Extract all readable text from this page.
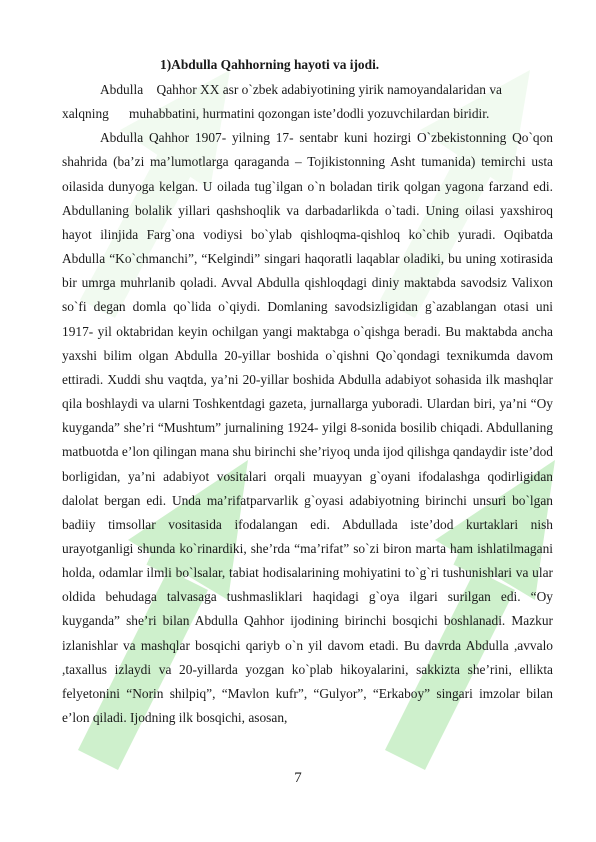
1)Abdulla Qahhorning hayoti va ijodi.

Abdulla    Qahhor XX asr o`zbek adabiyotining yirik namoyandalaridan va

xalqning      muhabbatini, hurmatini qozongan iste’dodli yozuvchilardan biridir.

Abdulla Qahhor 1907- yilning 17- sentabr kuni hozirgi O`zbekistonning Qo`qon shahrida (ba’zi ma’lumotlarga qaraganda – Tojikistonning Asht tumanida) temirchi usta oilasida dunyoga kelgan. U oilada tug`ilgan o`n boladan tirik qolgan yagona farzand edi. Abdullaning bolalik yillari qashshoqlik va darbadarlikda o`tadi. Uning oilasi yaxshiroq hayot ilinjida Farg`ona vodiysi bo`ylab qishloqma-qishloq ko`chib yuradi. Oqibatda Abdulla “Ko`chmanchi”, “Kelgindi” singari haqoratli laqablar oladiki, bu uning xotirasida bir umrga muhrlanib qoladi. Avval Abdulla qishloqdagi diniy maktabda savodsiz Valixon so`fi degan domla qo`lida o`qiydi. Domlaning savodsizligidan g`azablangan otasi uni 1917- yil oktabridan keyin ochilgan yangi maktabga o`qishga beradi. Bu maktabda ancha yaxshi bilim olgan Abdulla 20-yillar boshida o`qishni Qo`qondagi texnikumda davom ettiradi. Xuddi shu vaqtda, ya’ni 20-yillar boshida Abdulla adabiyot sohasida ilk mashqlar qila boshlaydi va ularni Toshkentdagi gazeta, jurnallarga yuboradi. Ulardan biri, ya’ni “Oy kuyganda” she’ri “Mushtum” jurnalining 1924- yilgi 8-sonida bosilib chiqadi. Abdullaning matbuotda e’lon qilingan mana shu birinchi she’riyoq unda ijod qilishga qandaydir iste’dod borligidan, ya’ni adabiyot vositalari orqali muayyan g`oyani ifodalashga qodirligidan dalolat bergan edi. Unda ma’rifatparvarlik g`oyasi adabiyotning birinchi unsuri bo`lgan badiiy timsollar vositasida ifodalangan edi. Abdullada iste’dod kurtaklari nish urayotganligi shunda ko`rinardiki, she’rda “ma’rifat” so`zi biron marta ham ishlatilmagani holda, odamlar ilmli bo`lsalar, tabiat hodisalarining mohiyatini to`g`ri tushunishlari va ular oldida behudaga talvasaga tushmasliklari haqidagi g`oya ilgari surilgan edi. “Oy kuyganda” she’ri bilan Abdulla Qahhor ijodining birinchi bosqichi boshlanadi. Mazkur izlanishlar va mashqlar bosqichi qariyb o`n yil davom etadi. Bu davrda Abdulla ,avvalo ,taxallus izlaydi va 20-yillarda yozgan ko`plab hikoyalarini, sakkizta she’rini, ellikta felyetonini “Norin shilpiq”, “Mavlon kufr”, “Gulyor”, “Erkaboy” singari imzolar bilan e’lon qiladi. Ijodning ilk bosqichi, asosan,

7
